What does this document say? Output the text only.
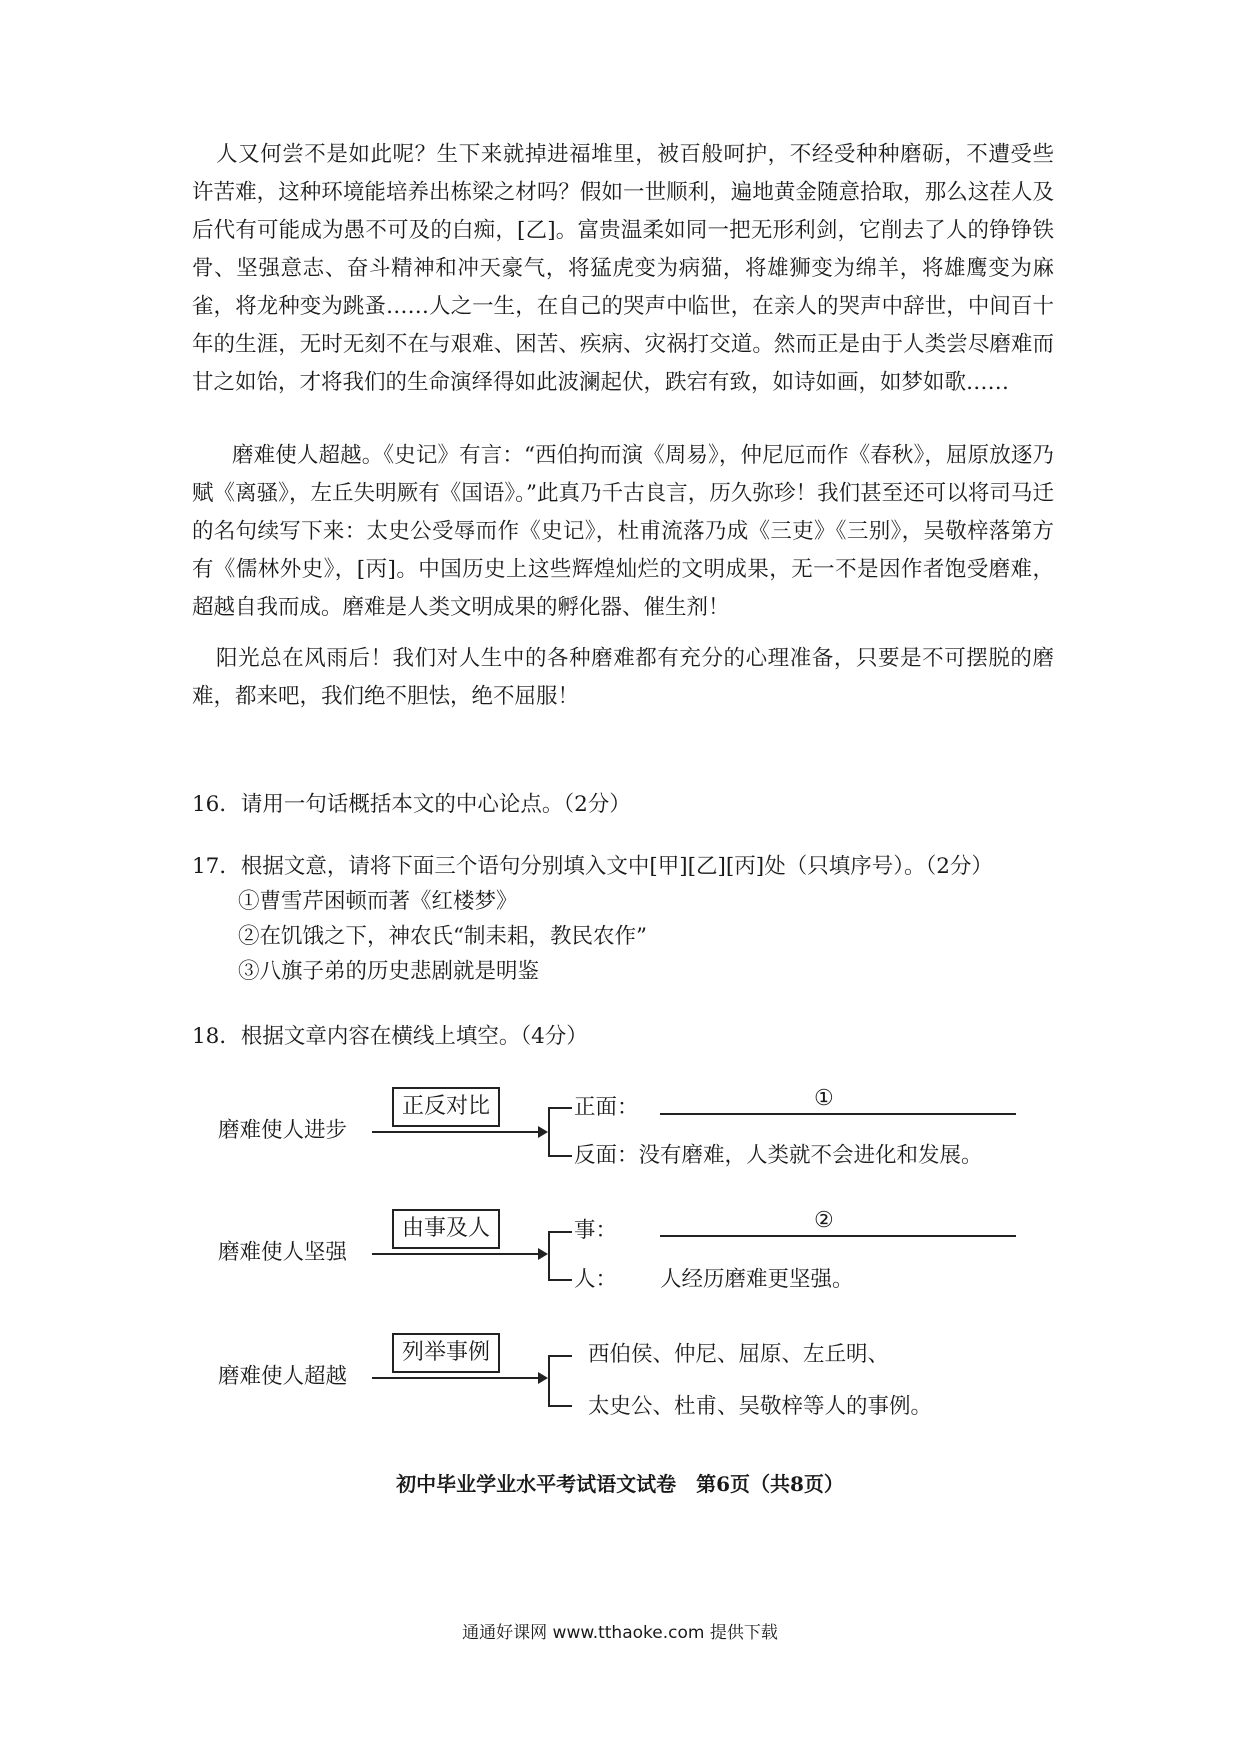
人又何尝不是如此呢？生下来就掉进福堆里，被百般呵护，不经受种种磨砺，不遭受些许苦难，这种环境能培养出栋梁之材吗？假如一世顺利，遍地黄金随意拾取，那么这茬人及后代有可能成为愚不可及的白痴，[乙]。富贵温柔如同一把无形利剑，它削去了人的铮铮铁骨、坚强意志、奋斗精神和冲天豪气，将猛虎变为病猫，将雄狮变为绵羊，将雄鹰变为麻雀，将龙种变为跳蚤……人之一生，在自己的哭声中临世，在亲人的哭声中辞世，中间百十年的生涯，无时无刻不在与艰难、困苦、疾病、灾祸打交道。然而正是由于人类尝尽磨难而甘之如饴，才将我们的生命演绎得如此波澜起伏，跌宕有致，如诗如画，如梦如歌……
磨难使人超越。《史记》有言：“西伯拘而演《周易》，仲尼厄而作《春秋》，屈原放逐乃赋《离骚》，左丘失明厥有《国语》。”此真乃千古良言，历久弥珍！我们甚至还可以将司马迁的名句续写下来：太史公受辱而作《史记》，杜甫流落乃成《三吏》《三别》，吴敬梓落第方有《儒林外史》，[丙]。中国历史上这些辉煌灿烂的文明成果，无一不是因作者饱受磨难，超越自我而成。磨难是人类文明成果的孵化器、催生剂！
阳光总在风雨后！我们对人生中的各种磨难都有充分的心理准备，只要是不可摆脱的磨难，都来吧，我们绝不胆怯，绝不屈服！
16．请用一句话概括本文的中心论点。（2分）
17．根据文意，请将下面三个语句分别填入文中[甲][乙][丙]处（只填序号）。（2分）
①曹雪芹困顿而著《红楼梦》
②在饥饿之下，神农氏“制耒耜，教民农作”
③八旗子弟的历史悲剧就是明鉴
18．根据文章内容在横线上填空。（4分）
磨难使人进步
正反对比	正面：	①
反面：没有磨难，人类就不会进化和发展。
磨难使人坚强
由事及人	事：	②
人： 人经历磨难更坚强。
磨难使人超越
列举事例	西伯侯、仲尼、屈原、左丘明、
太史公、杜甫、吴敬梓等人的事例。
初中毕业学业水平考试语文试卷　第6页（共8页）
通通好课网 www.tthaoke.com 提供下载
